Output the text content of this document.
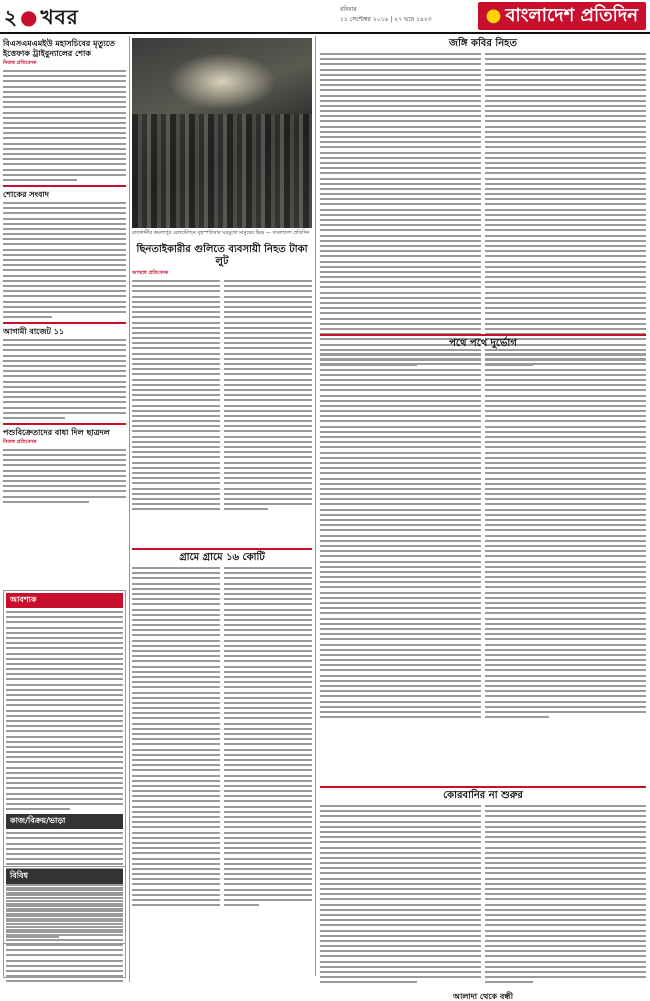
২ ● খবর	রবিবার
১১ সেপ্টেম্বর ২০১৬ | ২৭ ভাদ্র ১৪২৩	● বাংলাদেশ প্রতিদিন
বিএসএমএমইউ মহাসচিবের মৃত্যুতে ইত্তেফাক ট্রাইবুন্যালের শোক
নিজস্ব প্রতিবেদক
শোকের সংবাদ
আগামী বাজেট ১১
পশুবিক্রেতাদের বাধা দিল ছাত্রদল
নিজস্ব প্রতিবেদক
আবশ্যক
কাজ/বিক্রয়/ভাড়া
বিবিধ
রাজধানীর কমলাপুর রেলস্টেশনে বৃহস্পতিবার ঘরমুখো মানুষের ভিড় — বাংলাদেশ প্রতিদিন
ছিনতাইকারীর গুলিতে ব্যবসায়ী নিহত টাকা লুট
অপরাধ প্রতিবেদক
গ্রামে গ্রামে ১৬ কোটি
জঙ্গি কবির নিহত
পথে পথে দুর্ভোগ
কোরবানির না শুরুর
আলাদা থেকে বন্ধী
